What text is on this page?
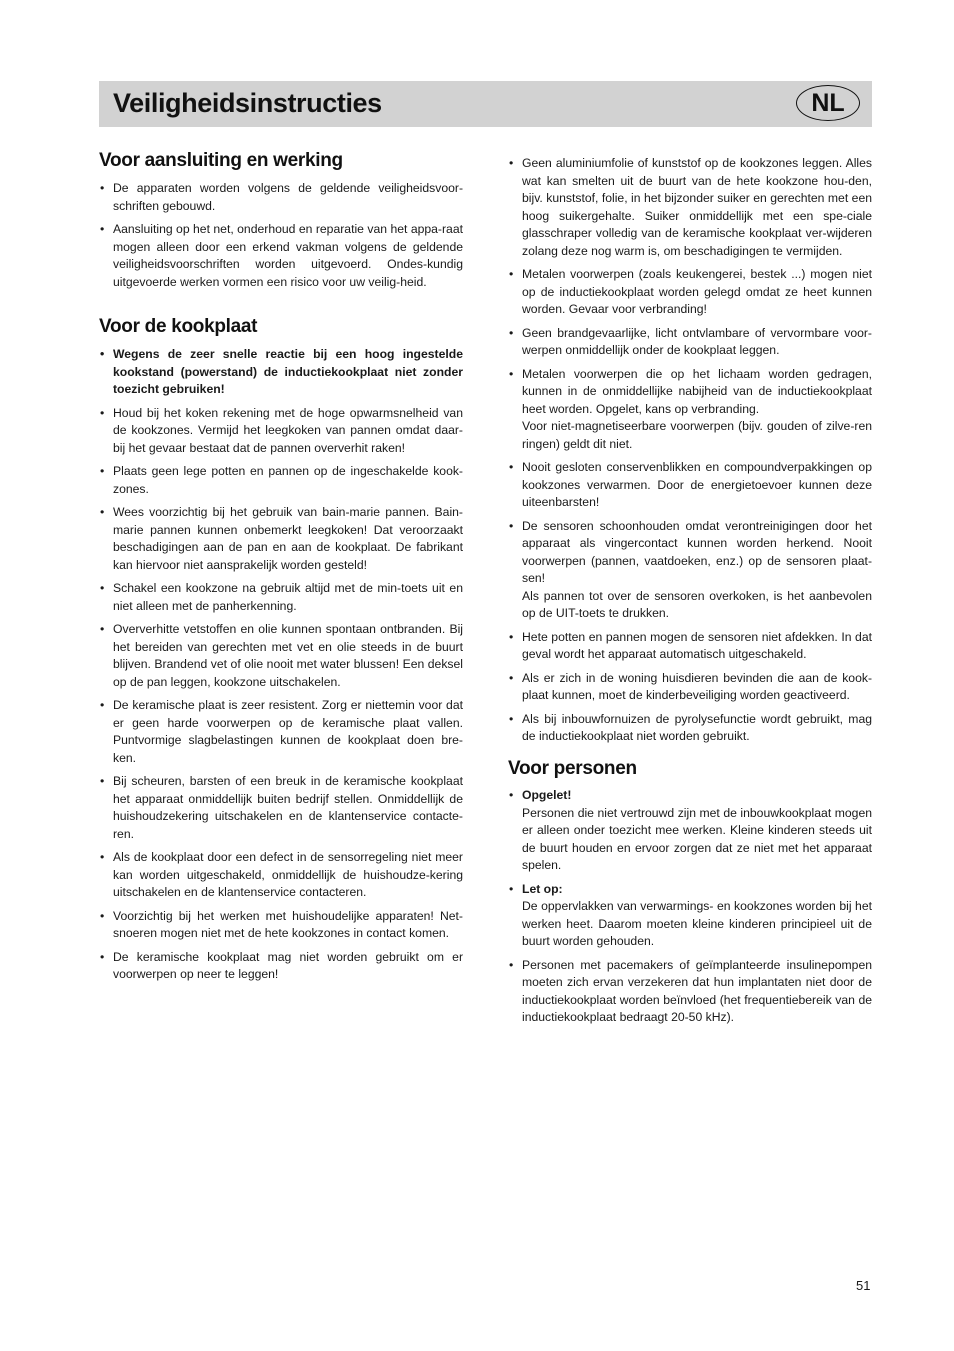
Veiligheidsinstructies	NL
Voor aansluiting en werking
• De apparaten worden volgens de geldende veiligheidsvoor-schriften gebouwd.
• Aansluiting op het net, onderhoud en reparatie van het appa-raat mogen alleen door een erkend vakman volgens de geldende veiligheidsvoorschriften worden uitgevoerd. Ondes-kundig uitgevoerde werken vormen een risico voor uw veilig-heid.
Voor de kookplaat
• Wegens de zeer snelle reactie bij een hoog ingestelde kookstand (powerstand) de inductiekookplaat niet zonder toezicht gebruiken!
• Houd bij het koken rekening met de hoge opwarmsnelheid van de kookzones. Vermijd het leegkoken van pannen omdat daar-bij het gevaar bestaat dat de pannen oververhit raken!
• Plaats geen lege potten en pannen op de ingeschakelde kook-zones.
• Wees voorzichtig bij het gebruik van bain-marie pannen. Bain-marie pannen kunnen onbemerkt leegkoken! Dat veroorzaakt beschadigingen aan de pan en aan de kookplaat. De fabrikant kan hiervoor niet aansprakelijk worden gesteld!
• Schakel een kookzone na gebruik altijd met de min-toets uit en niet alleen met de panherkenning.
• Oververhitte vetstoffen en olie kunnen spontaan ontbranden. Bij het bereiden van gerechten met vet en olie steeds in de buurt blijven. Brandend vet of olie nooit met water blussen! Een deksel op de pan leggen, kookzone uitschakelen.
• De keramische plaat is zeer resistent. Zorg er niettemin voor dat er geen harde voorwerpen op de keramische plaat vallen. Puntvormige slagbelastingen kunnen de kookplaat doen bre-ken.
• Bij scheuren, barsten of een breuk in de keramische kookplaat het apparaat onmiddellijk buiten bedrijf stellen. Onmiddellijk de huishoudzekering uitschakelen en de klantenservice contacte-ren.
• Als de kookplaat door een defect in de sensorregeling niet meer kan worden uitgeschakeld, onmiddellijk de huishoudze-kering uitschakelen en de klantenservice contacteren.
• Voorzichtig bij het werken met huishoudelijke apparaten! Net-snoeren mogen niet met de hete kookzones in contact komen.
• De keramische kookplaat mag niet worden gebruikt om er voorwerpen op neer te leggen!
• Geen aluminiumfolie of kunststof op de kookzones leggen. Alles wat kan smelten uit de buurt van de hete kookzone hou-den, bijv. kunststof, folie, in het bijzonder suiker en gerechten met een hoog suikergehalte. Suiker onmiddellijk met een spe-ciale glasschraper volledig van de keramische kookplaat ver-wijderen zolang deze nog warm is, om beschadigingen te vermijden.
• Metalen voorwerpen (zoals keukengerei, bestek ...) mogen niet op de inductiekookplaat worden gelegd omdat ze heet kunnen worden. Gevaar voor verbranding!
• Geen brandgevaarlijke, licht ontvlambare of vervormbare voor-werpen onmiddellijk onder de kookplaat leggen.
• Metalen voorwerpen die op het lichaam worden gedragen, kunnen in de onmiddellijke nabijheid van de inductiekookplaat heet worden. Opgelet, kans op verbranding.
Voor niet-magnetiseerbare voorwerpen (bijv. gouden of zilve-ren ringen) geldt dit niet.
• Nooit gesloten conservenblikken en compoundverpakkingen op kookzones verwarmen. Door de energietoevoer kunnen deze uiteenbarsten!
• De sensoren schoonhouden omdat verontreinigingen door het apparaat als vingercontact kunnen worden herkend. Nooit voorwerpen (pannen, vaatdoeken, enz.) op de sensoren plaat-sen!
Als pannen tot over de sensoren overkoken, is het aanbevolen op de UIT-toets te drukken.
• Hete potten en pannen mogen de sensoren niet afdekken. In dat geval wordt het apparaat automatisch uitgeschakeld.
• Als er zich in de woning huisdieren bevinden die aan de kook-plaat kunnen, moet de kinderbeveiliging worden geactiveerd.
• Als bij inbouwfornuizen de pyrolysefunctie wordt gebruikt, mag de inductiekookplaat niet worden gebruikt.
Voor personen
• Opgelet!
Personen die niet vertrouwd zijn met de inbouwkookplaat mogen er alleen onder toezicht mee werken. Kleine kinderen steeds uit de buurt houden en ervoor zorgen dat ze niet met het apparaat spelen.
• Let op:
De oppervlakken van verwarmings- en kookzones worden bij het werken heet. Daarom moeten kleine kinderen principieel uit de buurt worden gehouden.
• Personen met pacemakers of geïmplanteerde insulinepompen moeten zich ervan verzekeren dat hun implantaten niet door de inductiekookplaat worden beïnvloed (het frequentiebereik van de inductiekookplaat bedraagt 20-50 kHz).
51
